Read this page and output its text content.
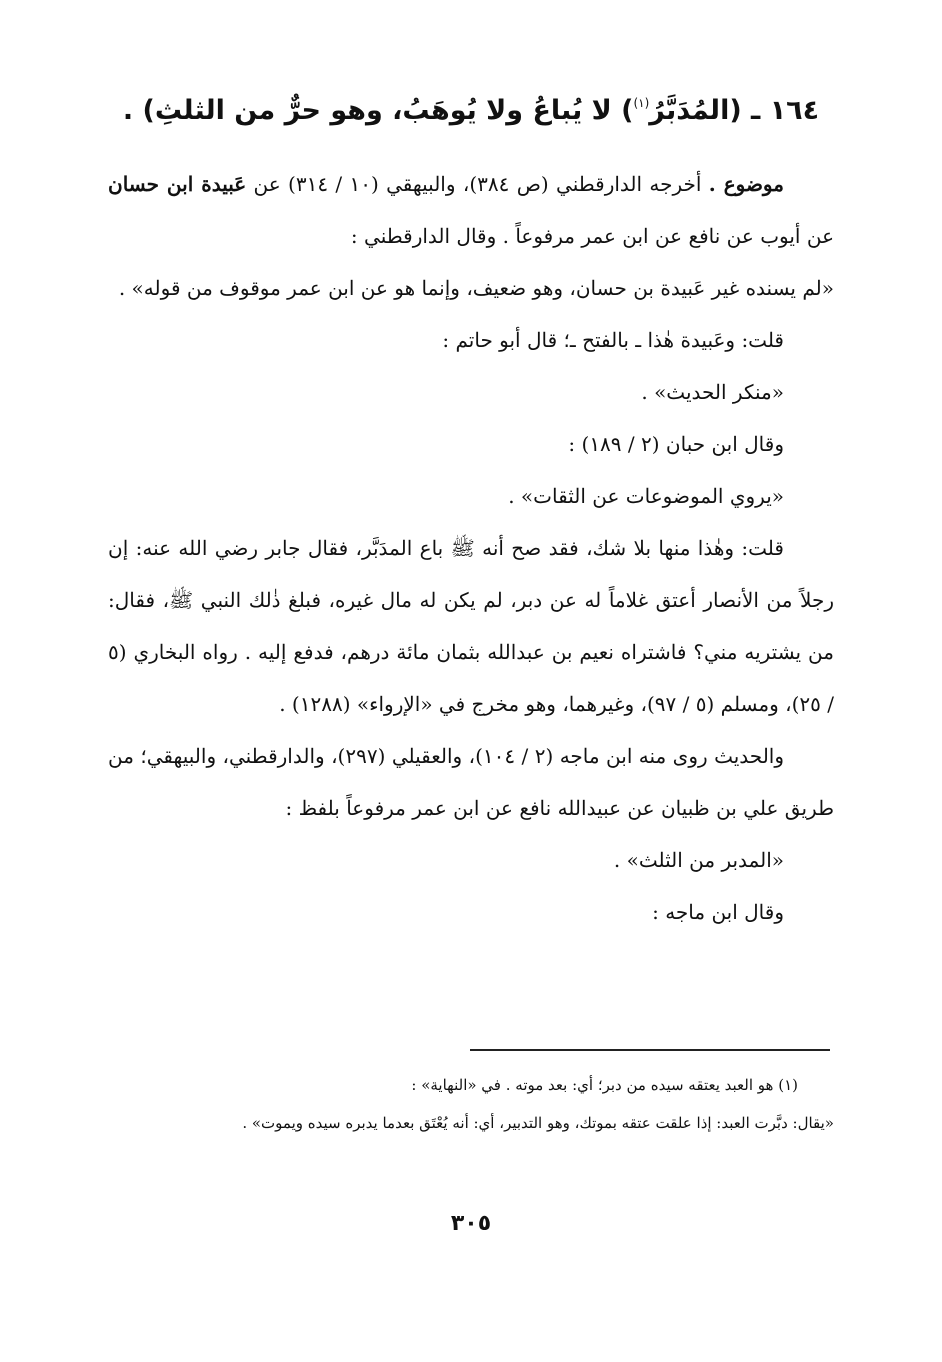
١٦٤ ـ (المُدَبَّرُ$^{(١)}$) لا يُباعُ ولا يُوهَبُ، وهو حرٌّ من الثلثِ) .

موضوع . أخرجه الدارقطني (ص ٣٨٤)، والبيهقي (١٠ / ٣١٤) عن عَبيدة ابن حسان عن أيوب عن نافع عن ابن عمر مرفوعاً . وقال الدارقطني :

«لم يسنده غير عَبيدة بن حسان، وهو ضعيف، وإنما هو عن ابن عمر موقوف من قوله» .

قلت: وعَبيدة هٰذا ـ بالفتح ـ؛ قال أبو حاتم :

«منكر الحديث» .

وقال ابن حبان (٢ / ١٨٩) :

«يروي الموضوعات عن الثقات» .

قلت: وهٰذا منها بلا شك، فقد صح أنه ﷺ باع المدَبَّر، فقال جابر رضي الله عنه: إن رجلاً من الأنصار أعتق غلاماً له عن دبر، لم يكن له مال غيره، فبلغ ذٰلك النبي ﷺ، فقال: من يشتريه مني؟ فاشتراه نعيم بن عبدالله بثمان مائة درهم، فدفع إليه . رواه البخاري (٥ / ٢٥)، ومسلم (٥ / ٩٧)، وغيرهما، وهو مخرج في «الإرواء» (١٢٨٨) .

والحديث روى منه ابن ماجه (٢ / ١٠٤)، والعقيلي (٢٩٧)، والدارقطني، والبيهقي؛ من طريق علي بن ظبيان عن عبيدالله نافع عن ابن عمر مرفوعاً بلفظ :

«المدبر من الثلث» .

وقال ابن ماجه :

(١) هو العبد يعتقه سيده من دبر؛ أي: بعد موته . في «النهاية» :

«يقال: دبَّرت العبد: إذا علقت عتقه بموتك، وهو التدبير، أي: أنه يُعْتَق بعدما يدبره سيده ويموت» .

٣٠٥
